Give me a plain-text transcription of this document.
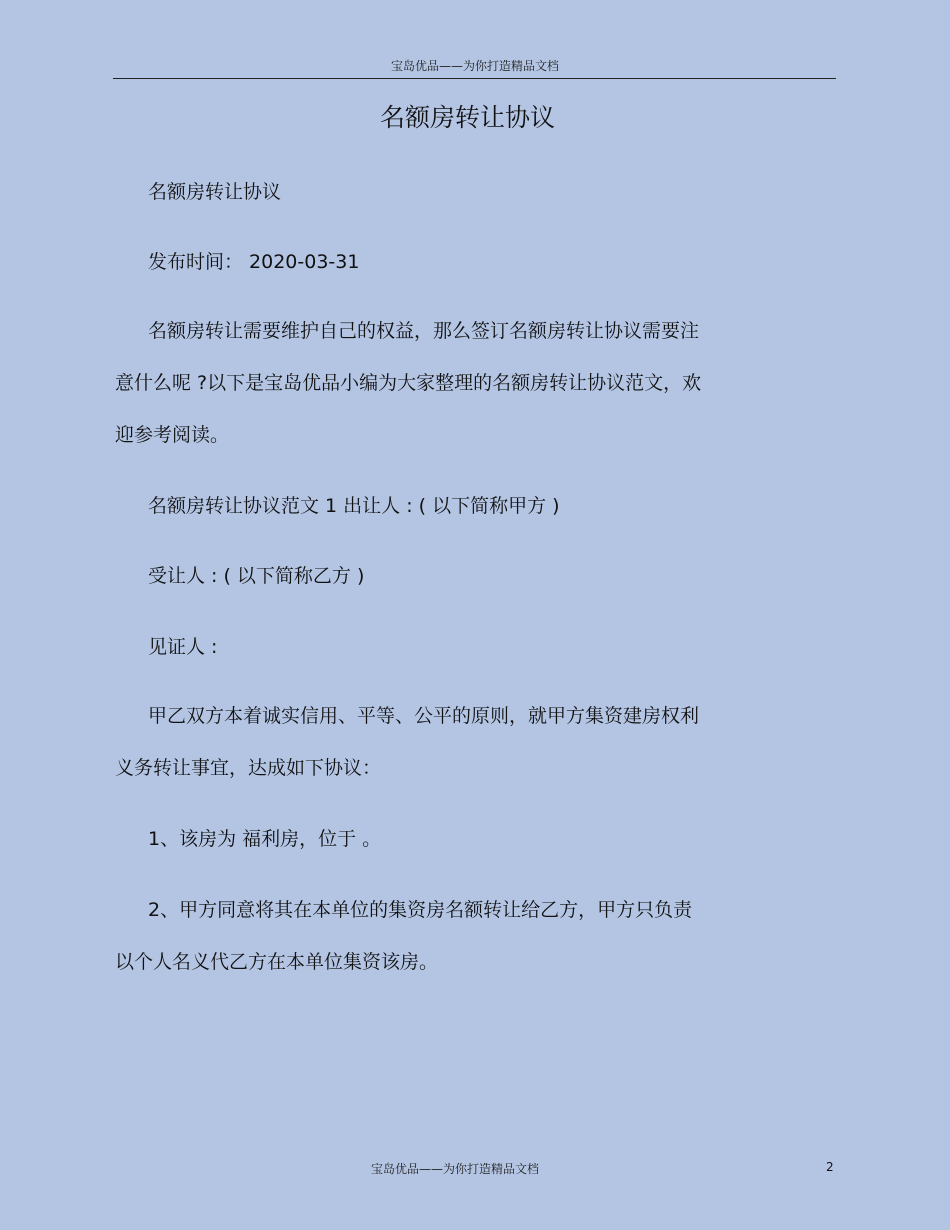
宝岛优品——为你打造精品文档
名额房转让协议
名额房转让协议
发布时间： 2020-03-31
名额房转让需要维护自己的权益，那么签订名额房转让协议需要注
意什么呢 ?以下是宝岛优品小编为大家整理的名额房转让协议范文，欢
迎参考阅读。
名额房转让协议范文 1 出让人 : ( 以下简称甲方 )
受让人 : ( 以下简称乙方 )
见证人 :
甲乙双方本着诚实信用、平等、公平的原则，就甲方集资建房权利
义务转让事宜，达成如下协议：
1、该房为 福利房，位于 。
2、甲方同意将其在本单位的集资房名额转让给乙方，甲方只负责
以个人名义代乙方在本单位集资该房。
宝岛优品——为你打造精品文档	2
